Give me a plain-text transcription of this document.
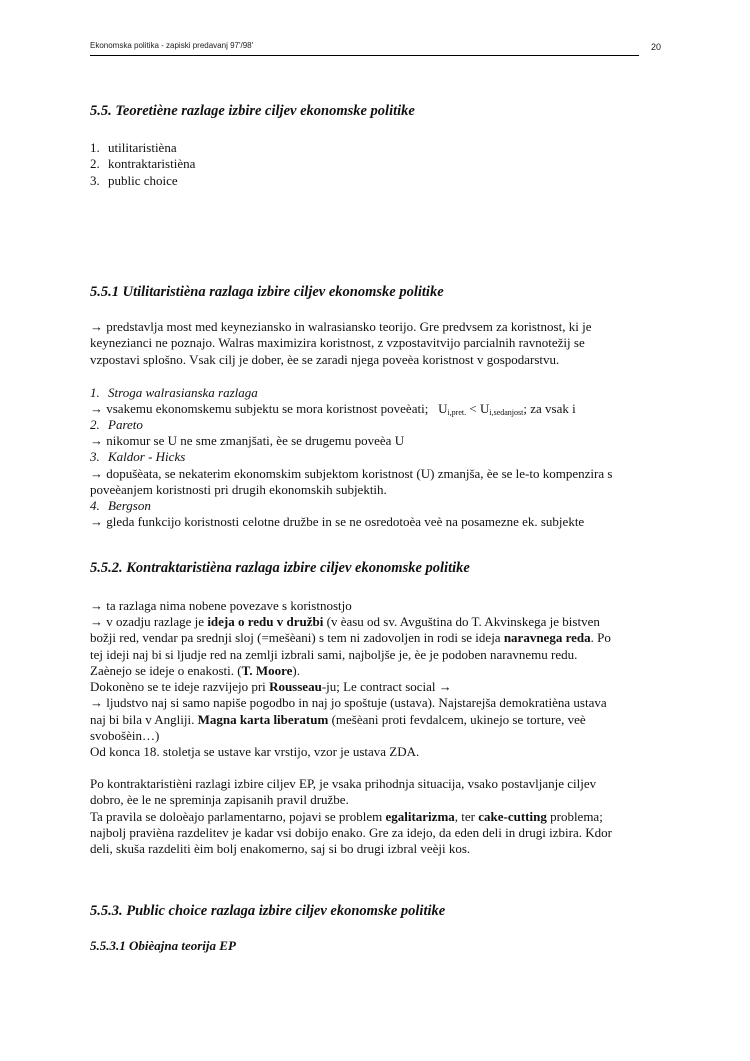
Ekonomska politika - zapiski predavanj 97'/98'	20
5.5. Teoretiène razlage izbire ciljev ekonomske politike
1. utilitaristièna
2. kontraktaristièna
3. public choice
5.5.1 Utilitaristièna razlaga izbire ciljev ekonomske politike
→ predstavlja most med keyneziansko in walrasiansko teorijo. Gre predvsem za koristnost, ki je
keynezianci ne poznajo. Walras maximizira koristnost, z vzpostavitvijo parcialnih ravnotežij se
vzpostavi splošno. Vsak cilj je dober, èe se zaradi njega poveèa koristnost v gospodarstvu.
1. Stroga walrasianska razlaga
→ vsakemu ekonomskemu subjektu se mora koristnost poveèati; $U_{i,pret.} < U_{i,sedanjost}$; za vsak i
2. Pareto
→ nikomur se U ne sme zmanjšati, èe se drugemu poveèa U
3. Kaldor - Hicks
→ dopušèata, se nekaterim ekonomskim subjektom koristnost (U) zmanjša, èe se le-to kompenzira s
poveèanjem koristnosti pri drugih ekonomskih subjektih.
4. Bergson
→ gleda funkcijo koristnosti celotne družbe in se ne osredotoèa veè na posamezne ek. subjekte
5.5.2. Kontraktaristièna razlaga izbire ciljev ekonomske politike
→ ta razlaga nima nobene povezave s koristnostjo
→ v ozadju razlage je ideja o redu v družbi (v èasu od sv. Avguština do T. Akvinskega je bistven
božji red, vendar pa srednji sloj (=mešèani) s tem ni zadovoljen in rodi se ideja naravnega reda. Po
tej ideji naj bi si ljudje red na zemlji izbrali sami, najboljše je, èe je podoben naravnemu redu.
Zaènejo se ideje o enakosti. (T. Moore).
Dokonèno se te ideje razvijejo pri Rousseau-ju; Le contract social →
→ ljudstvo naj si samo napiše pogodbo in naj jo spoštuje (ustava). Najstarejša demokratièna ustava
naj bi bila v Angliji. Magna karta liberatum (mešèani proti fevdalcem, ukinejo se torture, veè
svobošèin…)
Od konca 18. stoletja se ustave kar vrstijo, vzor je ustava ZDA.
Po kontraktaristièni razlagi izbire ciljev EP, je vsaka prihodnja situacija, vsako postavljanje ciljev
dobro, èe le ne spreminja zapisanih pravil družbe.
Ta pravila se doloèajo parlamentarno, pojavi se problem egalitarizma, ter cake-cutting problema;
najbolj pravièna razdelitev je kadar vsi dobijo enako. Gre za idejo, da eden deli in drugi izbira. Kdor
deli, skuša razdeliti èim bolj enakomerno, saj si bo drugi izbral veèji kos.
5.5.3. Public choice razlaga izbire ciljev ekonomske politike
5.5.3.1 Obièajna teorija EP
